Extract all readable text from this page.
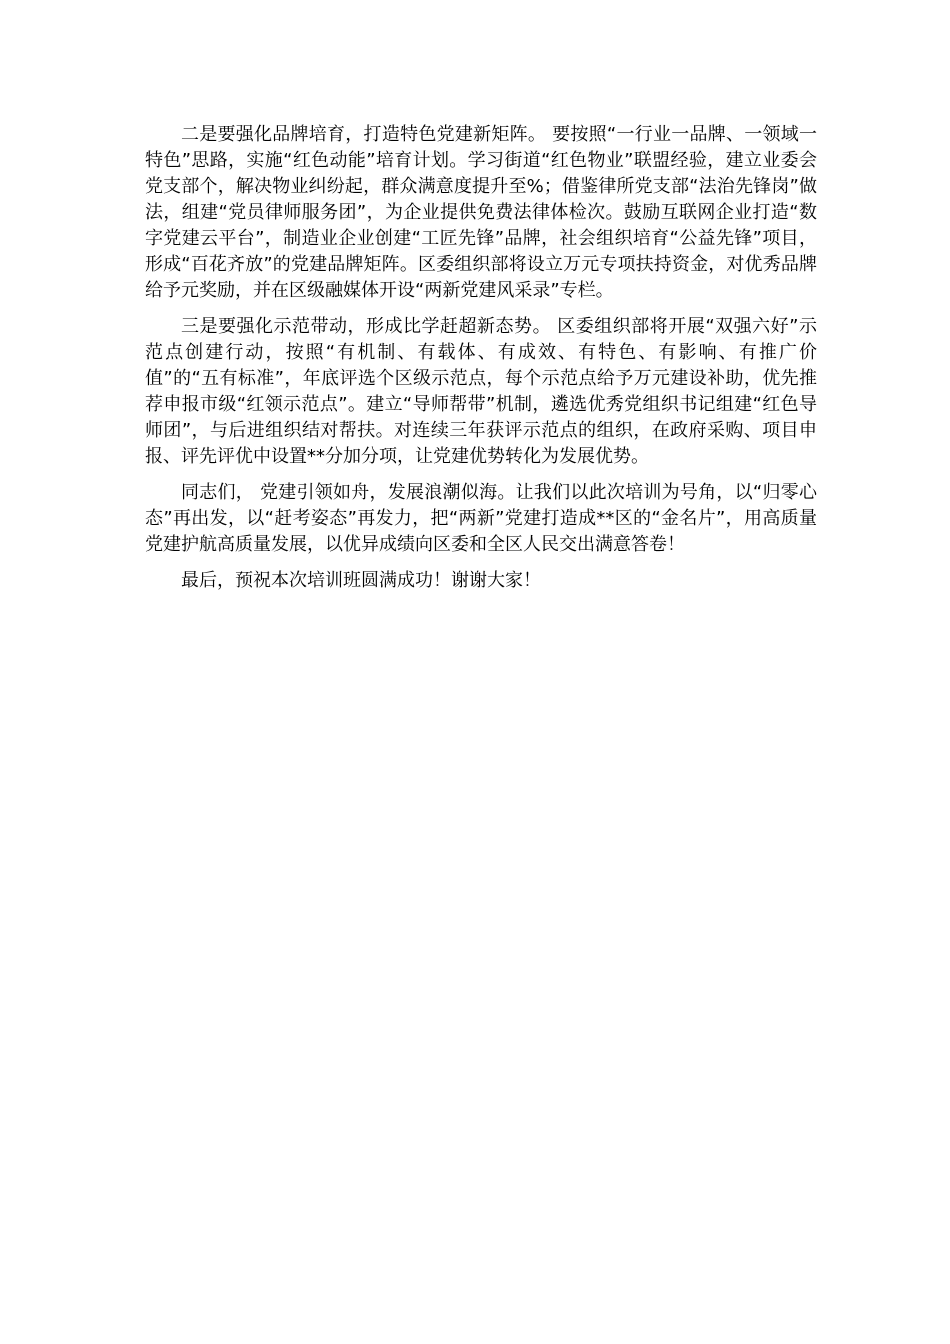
二是要强化品牌培育，打造特色党建新矩阵。 要按照“一行业一品牌、一领域一特色”思路，实施“红色动能”培育计划。学习街道“红色物业”联盟经验，建立业委会党支部个，解决物业纠纷起，群众满意度提升至%；借鉴律所党支部“法治先锋岗”做法，组建“党员律师服务团”，为企业提供免费法律体检次。鼓励互联网企业打造“数字党建云平台”，制造业企业创建“工匠先锋”品牌，社会组织培育“公益先锋”项目，形成“百花齐放”的党建品牌矩阵。区委组织部将设立万元专项扶持资金，对优秀品牌给予元奖励，并在区级融媒体开设“两新党建风采录”专栏。

三是要强化示范带动，形成比学赶超新态势。 区委组织部将开展“双强六好”示范点创建行动，按照“有机制、有载体、有成效、有特色、有影响、有推广价值”的“五有标准”，年底评选个区级示范点，每个示范点给予万元建设补助，优先推荐申报市级“红领示范点”。建立“导师帮带”机制，遴选优秀党组织书记组建“红色导师团”，与后进组织结对帮扶。对连续三年获评示范点的组织，在政府采购、项目申报、评先评优中设置**分加分项，让党建优势转化为发展优势。

同志们， 党建引领如舟，发展浪潮似海。让我们以此次培训为号角，以“归零心态”再出发，以“赶考姿态”再发力，把“两新”党建打造成**区的“金名片”，用高质量党建护航高质量发展，以优异成绩向区委和全区人民交出满意答卷！

最后，预祝本次培训班圆满成功！谢谢大家！
